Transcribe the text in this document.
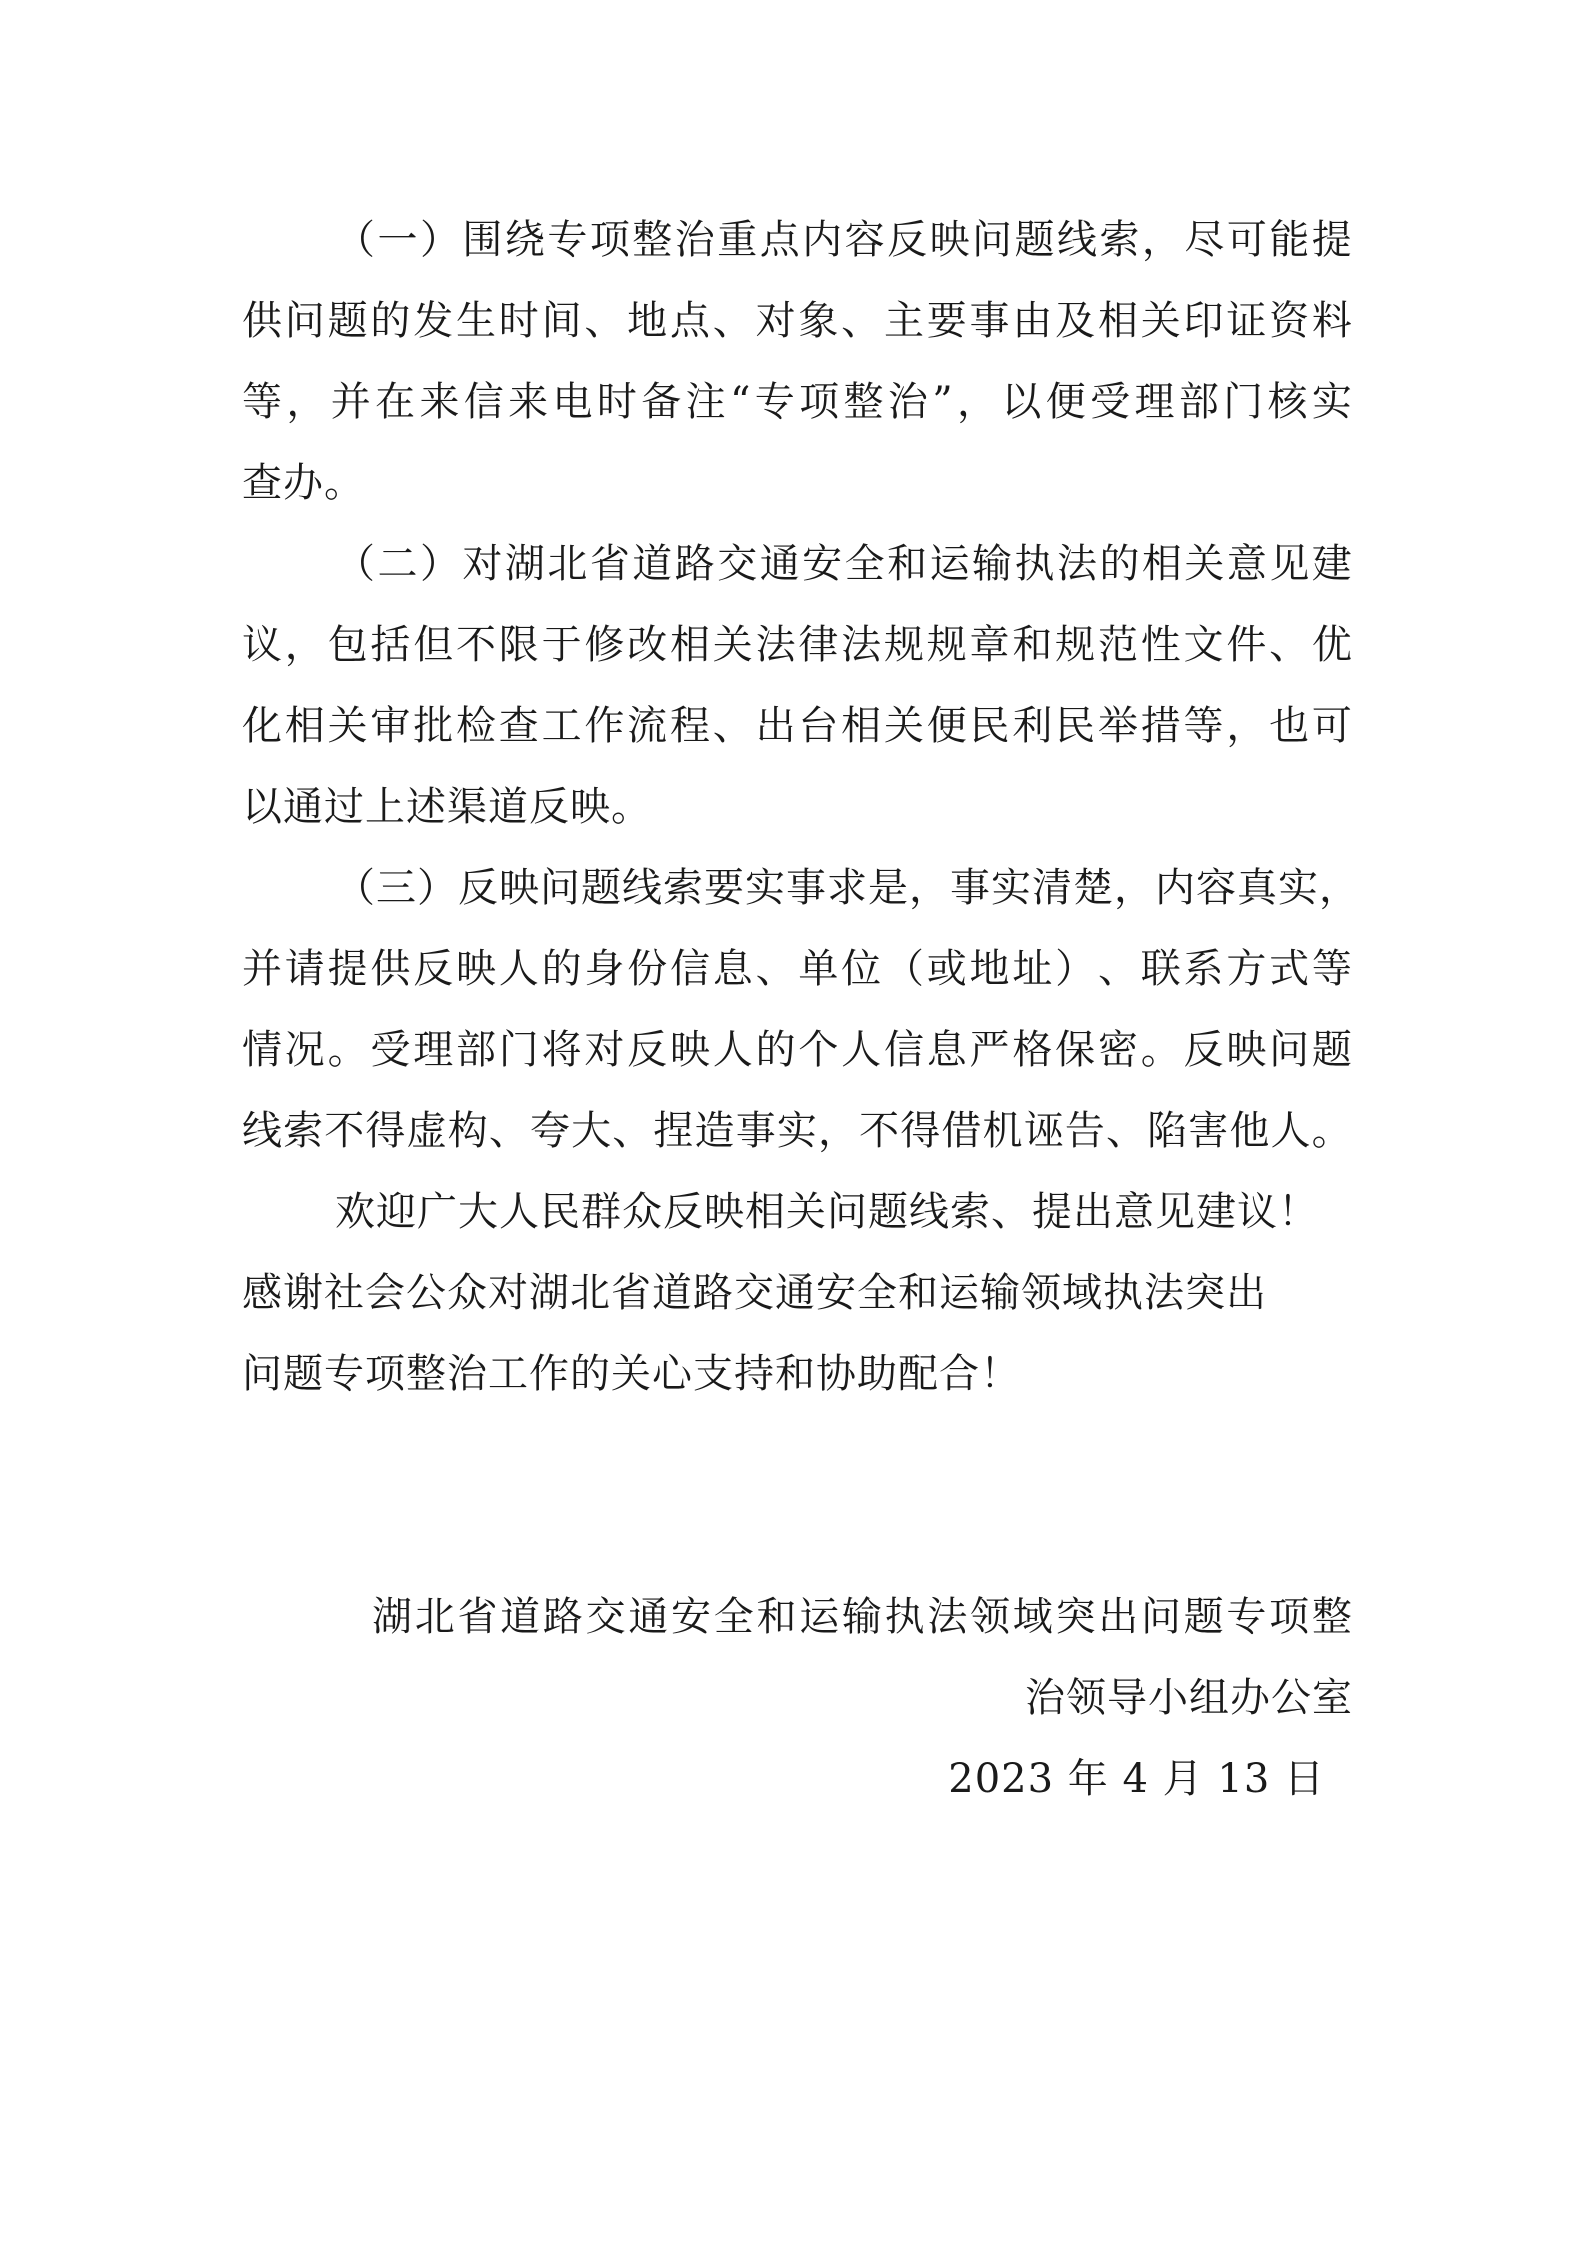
（ 一 ） 围 绕 专 项 整 治 重 点 内 容 反 映 问 题 线 索 ， 尽 可 能 提
供 问 题 的 发 生 时 间 、 地 点 、 对 象 、 主 要 事 由 及 相 关 印 证 资 料
等 ， 并 在 来 信 来 电 时 备 注 “ 专 项 整 治 ” ， 以 便 受 理 部 门 核 实
查办。
（ 二 ） 对 湖 北 省 道 路 交 通 安 全 和 运 输 执 法 的 相 关 意 见 建
议 ， 包 括 但 不 限 于 修 改 相 关 法 律 法 规 规 章 和 规 范 性 文 件 、 优
化 相 关 审 批 检 查 工 作 流 程 、 出 台 相 关 便 民 利 民 举 措 等 ， 也 可
以通过上述渠道反映。
（ 三 ） 反 映 问 题 线 索 要 实 事 求 是 ， 事 实 清 楚 ， 内 容 真 实 ，
并 请 提 供 反 映 人 的 身 份 信 息 、 单 位 （ 或 地 址 ） 、 联 系 方 式 等
情 况 。 受 理 部 门 将 对 反 映 人 的 个 人 信 息 严 格 保 密 。 反 映 问 题
线 索 不 得 虚 构 、 夸 大 、 捏 造 事 实 ， 不 得 借 机 诬 告 、 陷 害 他 人 。
欢迎广大人民群众反映相关问题线索、提出意见建议！
感谢社会公众对湖北省道路交通安全和运输领域执法突出
问题专项整治工作的关心支持和协助配合！
湖 北 省 道 路 交 通 安 全 和 运 输 执 法 领 域 突 出 问 题 专 项 整
治领导小组办公室
2023 年 4 月 13 日
